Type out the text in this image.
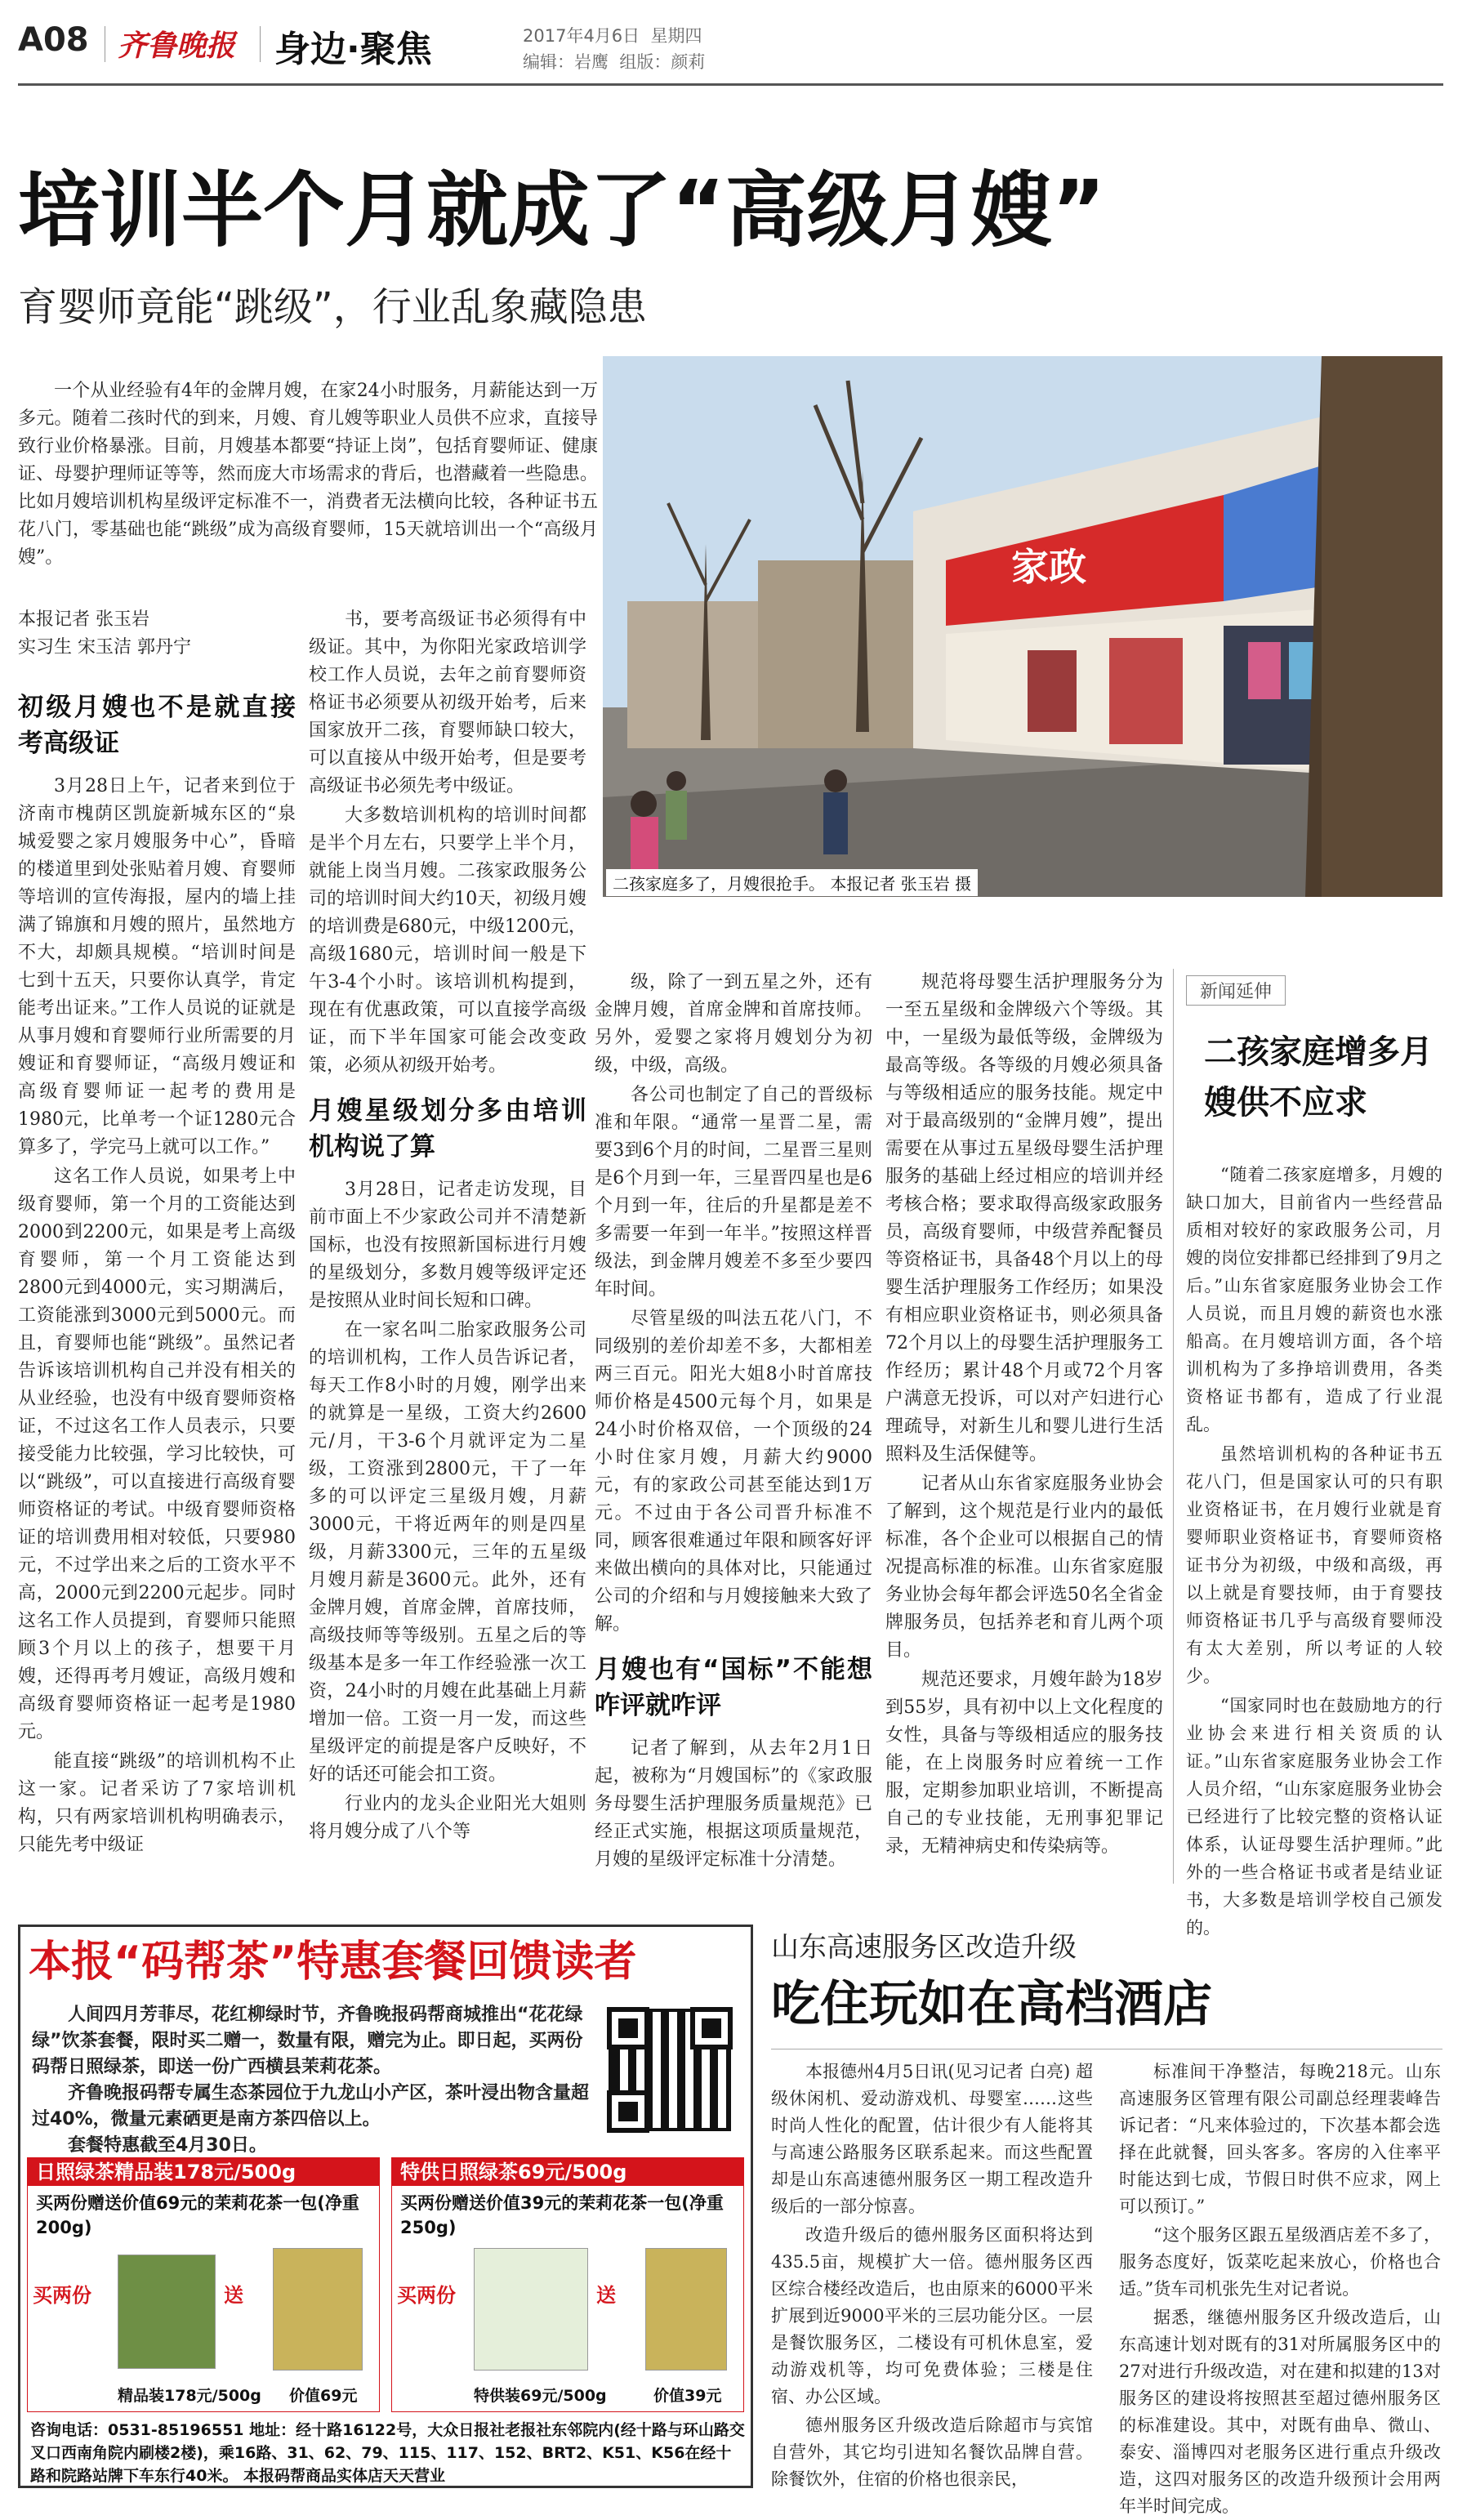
A08 齐鲁晚报 身边·聚焦	2017年4月6日 星期四
编辑：岩鹰 组版：颜莉
培训半个月就成了“高级月嫂”
育婴师竟能“跳级”，行业乱象藏隐患

一个从业经验有4年的金牌月嫂，在家24小时服务，月薪能达到一万多元。随着二孩时代的到来，月嫂、育儿嫂等职业人员供不应求，直接导致行业价格暴涨。目前，月嫂基本都要“持证上岗”，包括育婴师证、健康证、母婴护理师证等等，然而庞大市场需求的背后，也潜藏着一些隐患。比如月嫂培训机构星级评定标准不一，消费者无法横向比较，各种证书五花八门，零基础也能“跳级”成为高级育婴师，15天就培训出一个“高级月嫂”。	家政
二孩家庭多了，月嫂很抢手。 本报记者 张玉岩 摄
本报记者 张玉岩
实习生 宋玉洁 郭丹宁
初级月嫂也不是就直接考高级证

3月28日上午，记者来到位于济南市槐荫区凯旋新城东区的“泉城爱婴之家月嫂服务中心”，昏暗的楼道里到处张贴着月嫂、育婴师等培训的宣传海报，屋内的墙上挂满了锦旗和月嫂的照片，虽然地方不大，却颇具规模。“培训时间是七到十五天，只要你认真学，肯定能考出证来。”工作人员说的证就是从事月嫂和育婴师行业所需要的月嫂证和育婴师证，“高级月嫂证和高级育婴师证一起考的费用是1980元，比单考一个证1280元合算多了，学完马上就可以工作。”

这名工作人员说，如果考上中级育婴师，第一个月的工资能达到2000到2200元，如果是考上高级育婴师，第一个月工资能达到2800元到4000元，实习期满后，工资能涨到3000元到5000元。而且，育婴师也能“跳级”。虽然记者告诉该培训机构自己并没有相关的从业经验，也没有中级育婴师资格证，不过这名工作人员表示，只要接受能力比较强，学习比较快，可以“跳级”，可以直接进行高级育婴师资格证的考试。中级育婴师资格证的培训费用相对较低，只要980元，不过学出来之后的工资水平不高，2000元到2200元起步。同时这名工作人员提到，育婴师只能照顾3个月以上的孩子，想要干月嫂，还得再考月嫂证，高级月嫂和高级育婴师资格证一起考是1980元。

能直接“跳级”的培训机构不止这一家。记者采访了7家培训机构，只有两家培训机构明确表示，只能先考中级证

书，要考高级证书必须得有中级证。其中，为你阳光家政培训学校工作人员说，去年之前育婴师资格证书必须要从初级开始考，后来国家放开二孩，育婴师缺口较大，可以直接从中级开始考，但是要考高级证书必须先考中级证。

大多数培训机构的培训时间都是半个月左右，只要学上半个月，就能上岗当月嫂。二孩家政服务公司的培训时间大约10天，初级月嫂的培训费是680元，中级1200元，高级1680元，培训时间一般是下午3-4个小时。该培训机构提到，现在有优惠政策，可以直接学高级证，而下半年国家可能会改变政策，必须从初级开始考。

月嫂星级划分多由培训机构说了算

3月28日，记者走访发现，目前市面上不少家政公司并不清楚新国标，也没有按照新国标进行月嫂的星级划分，多数月嫂等级评定还是按照从业时间长短和口碑。

在一家名叫二胎家政服务公司的培训机构，工作人员告诉记者，每天工作8小时的月嫂，刚学出来的就算是一星级，工资大约2600元/月，干3-6个月就评定为二星级，工资涨到2800元，干了一年多的可以评定三星级月嫂，月薪3000元，干将近两年的则是四星级，月薪3300元，三年的五星级月嫂月薪是3600元。此外，还有金牌月嫂，首席金牌，首席技师，高级技师等等级别。五星之后的等级基本是多一年工作经验涨一次工资，24小时的月嫂在此基础上月薪增加一倍。工资一月一发，而这些星级评定的前提是客户反映好，不好的话还可能会扣工资。

行业内的龙头企业阳光大姐则将月嫂分成了八个等

级，除了一到五星之外，还有金牌月嫂，首席金牌和首席技师。另外，爱婴之家将月嫂划分为初级，中级，高级。

各公司也制定了自己的晋级标准和年限。“通常一星晋二星，需要3到6个月的时间，二星晋三星则是6个月到一年，三星晋四星也是6个月到一年，往后的升星都是差不多需要一年到一年半。”按照这样晋级法，到金牌月嫂差不多至少要四年时间。

尽管星级的叫法五花八门，不同级别的差价却差不多，大都相差两三百元。阳光大姐8小时首席技师价格是4500元每个月，如果是24小时价格双倍，一个顶级的24小时住家月嫂，月薪大约9000元，有的家政公司甚至能达到1万元。不过由于各公司晋升标准不同，顾客很难通过年限和顾客好评来做出横向的具体对比，只能通过公司的介绍和与月嫂接触来大致了解。

月嫂也有“国标”不能想咋评就咋评

记者了解到，从去年2月1日起，被称为“月嫂国标”的《家政服务母婴生活护理服务质量规范》已经正式实施，根据这项质量规范，月嫂的星级评定标准十分清楚。

规范将母婴生活护理服务分为一至五星级和金牌级六个等级。其中，一星级为最低等级，金牌级为最高等级。各等级的月嫂必须具备与等级相适应的服务技能。规定中对于最高级别的“金牌月嫂”，提出需要在从事过五星级母婴生活护理服务的基础上经过相应的培训并经考核合格；要求取得高级家政服务员，高级育婴师，中级营养配餐员等资格证书，具备48个月以上的母婴生活护理服务工作经历；如果没有相应职业资格证书，则必须具备72个月以上的母婴生活护理服务工作经历；累计48个月或72个月客户满意无投诉，可以对产妇进行心理疏导，对新生儿和婴儿进行生活照料及生活保健等。

记者从山东省家庭服务业协会了解到，这个规范是行业内的最低标准，各个企业可以根据自己的情况提高标准的标准。山东省家庭服务业协会每年都会评选50名全省金牌服务员，包括养老和育儿两个项目。

规范还要求，月嫂年龄为18岁到55岁，具有初中以上文化程度的女性，具备与等级相适应的服务技能，在上岗服务时应着统一工作服，定期参加职业培训，不断提高自己的专业技能，无刑事犯罪记录，无精神病史和传染病等。

新闻延伸
二孩家庭增多月嫂供不应求

“随着二孩家庭增多，月嫂的缺口加大，目前省内一些经营品质相对较好的家政服务公司，月嫂的岗位安排都已经排到了9月之后。”山东省家庭服务业协会工作人员说，而且月嫂的薪资也水涨船高。在月嫂培训方面，各个培训机构为了多挣培训费用，各类资格证书都有，造成了行业混乱。

虽然培训机构的各种证书五花八门，但是国家认可的只有职业资格证书，在月嫂行业就是育婴师职业资格证书，育婴师资格证书分为初级，中级和高级，再以上就是育婴技师，由于育婴技师资格证书几乎与高级育婴师没有太大差别，所以考证的人较少。

“国家同时也在鼓励地方的行业协会来进行相关资质的认证。”山东省家庭服务业协会工作人员介绍，“山东家庭服务业协会已经进行了比较完整的资格认证体系，认证母婴生活护理师。”此外的一些合格证书或者是结业证书，大多数是培训学校自己颁发的。

本报“码帮茶”特惠套餐回馈读者

人间四月芳菲尽，花红柳绿时节，齐鲁晚报码帮商城推出“花花绿绿”饮茶套餐，限时买二赠一，数量有限，赠完为止。即日起，买两份码帮日照绿茶，即送一份广西横县茉莉花茶。

齐鲁晚报码帮专属生态茶园位于九龙山小产区，茶叶浸出物含量超过40%，微量元素硒更是南方茶四倍以上。

套餐特惠截至4月30日。

日照绿茶精品装178元/500g
买两份赠送价值69元的茉莉花茶一包(净重200g)
买两份	送
精品装178元/500g 价值69元
特供日照绿茶69元/500g
买两份赠送价值39元的茉莉花茶一包(净重250g)
买两份	送
特供装69元/500g	价值39元
咨询电话：0531-85196551 地址：经十路16122号，大众日报社老报社东邻院内(经十路与环山路交叉口西南角院内刷楼2楼)，乘16路、31、62、79、115、117、152、BRT2、K51、K56在经十路和院路站牌下车东行40米。 本报码帮商品实体店天天营业
山东高速服务区改造升级
吃住玩如在高档酒店

本报德州4月5日讯(见习记者 白亮) 超级休闲机、爱动游戏机、母婴室……这些时尚人性化的配置，估计很少有人能将其与高速公路服务区联系起来。而这些配置却是山东高速德州服务区一期工程改造升级后的一部分惊喜。

改造升级后的德州服务区面积将达到435.5亩，规模扩大一倍。德州服务区西区综合楼经改造后，也由原来的6000平米扩展到近9000平米的三层功能分区。一层是餐饮服务区，二楼设有可机休息室，爱动游戏机等，均可免费体验；三楼是住宿、办公区域。

德州服务区升级改造后除超市与宾馆自营外，其它均引进知名餐饮品牌自营。除餐饮外，住宿的价格也很亲民，

标准间干净整洁，每晚218元。山东高速服务区管理有限公司副总经理裴峰告诉记者：“凡来体验过的，下次基本都会选择在此就餐，回头客多。客房的入住率平时能达到七成，节假日时供不应求，网上可以预订。”

“这个服务区跟五星级酒店差不多了，服务态度好，饭菜吃起来放心，价格也合适。”货车司机张先生对记者说。

据悉，继德州服务区升级改造后，山东高速计划对既有的31对所属服务区中的27对进行升级改造，对在建和拟建的13对服务区的建设将按照甚至超过德州服务区的标准建设。其中，对既有曲阜、微山、泰安、淄博四对老服务区进行重点升级改造，这四对服务区的改造升级预计会用两年半时间完成。
